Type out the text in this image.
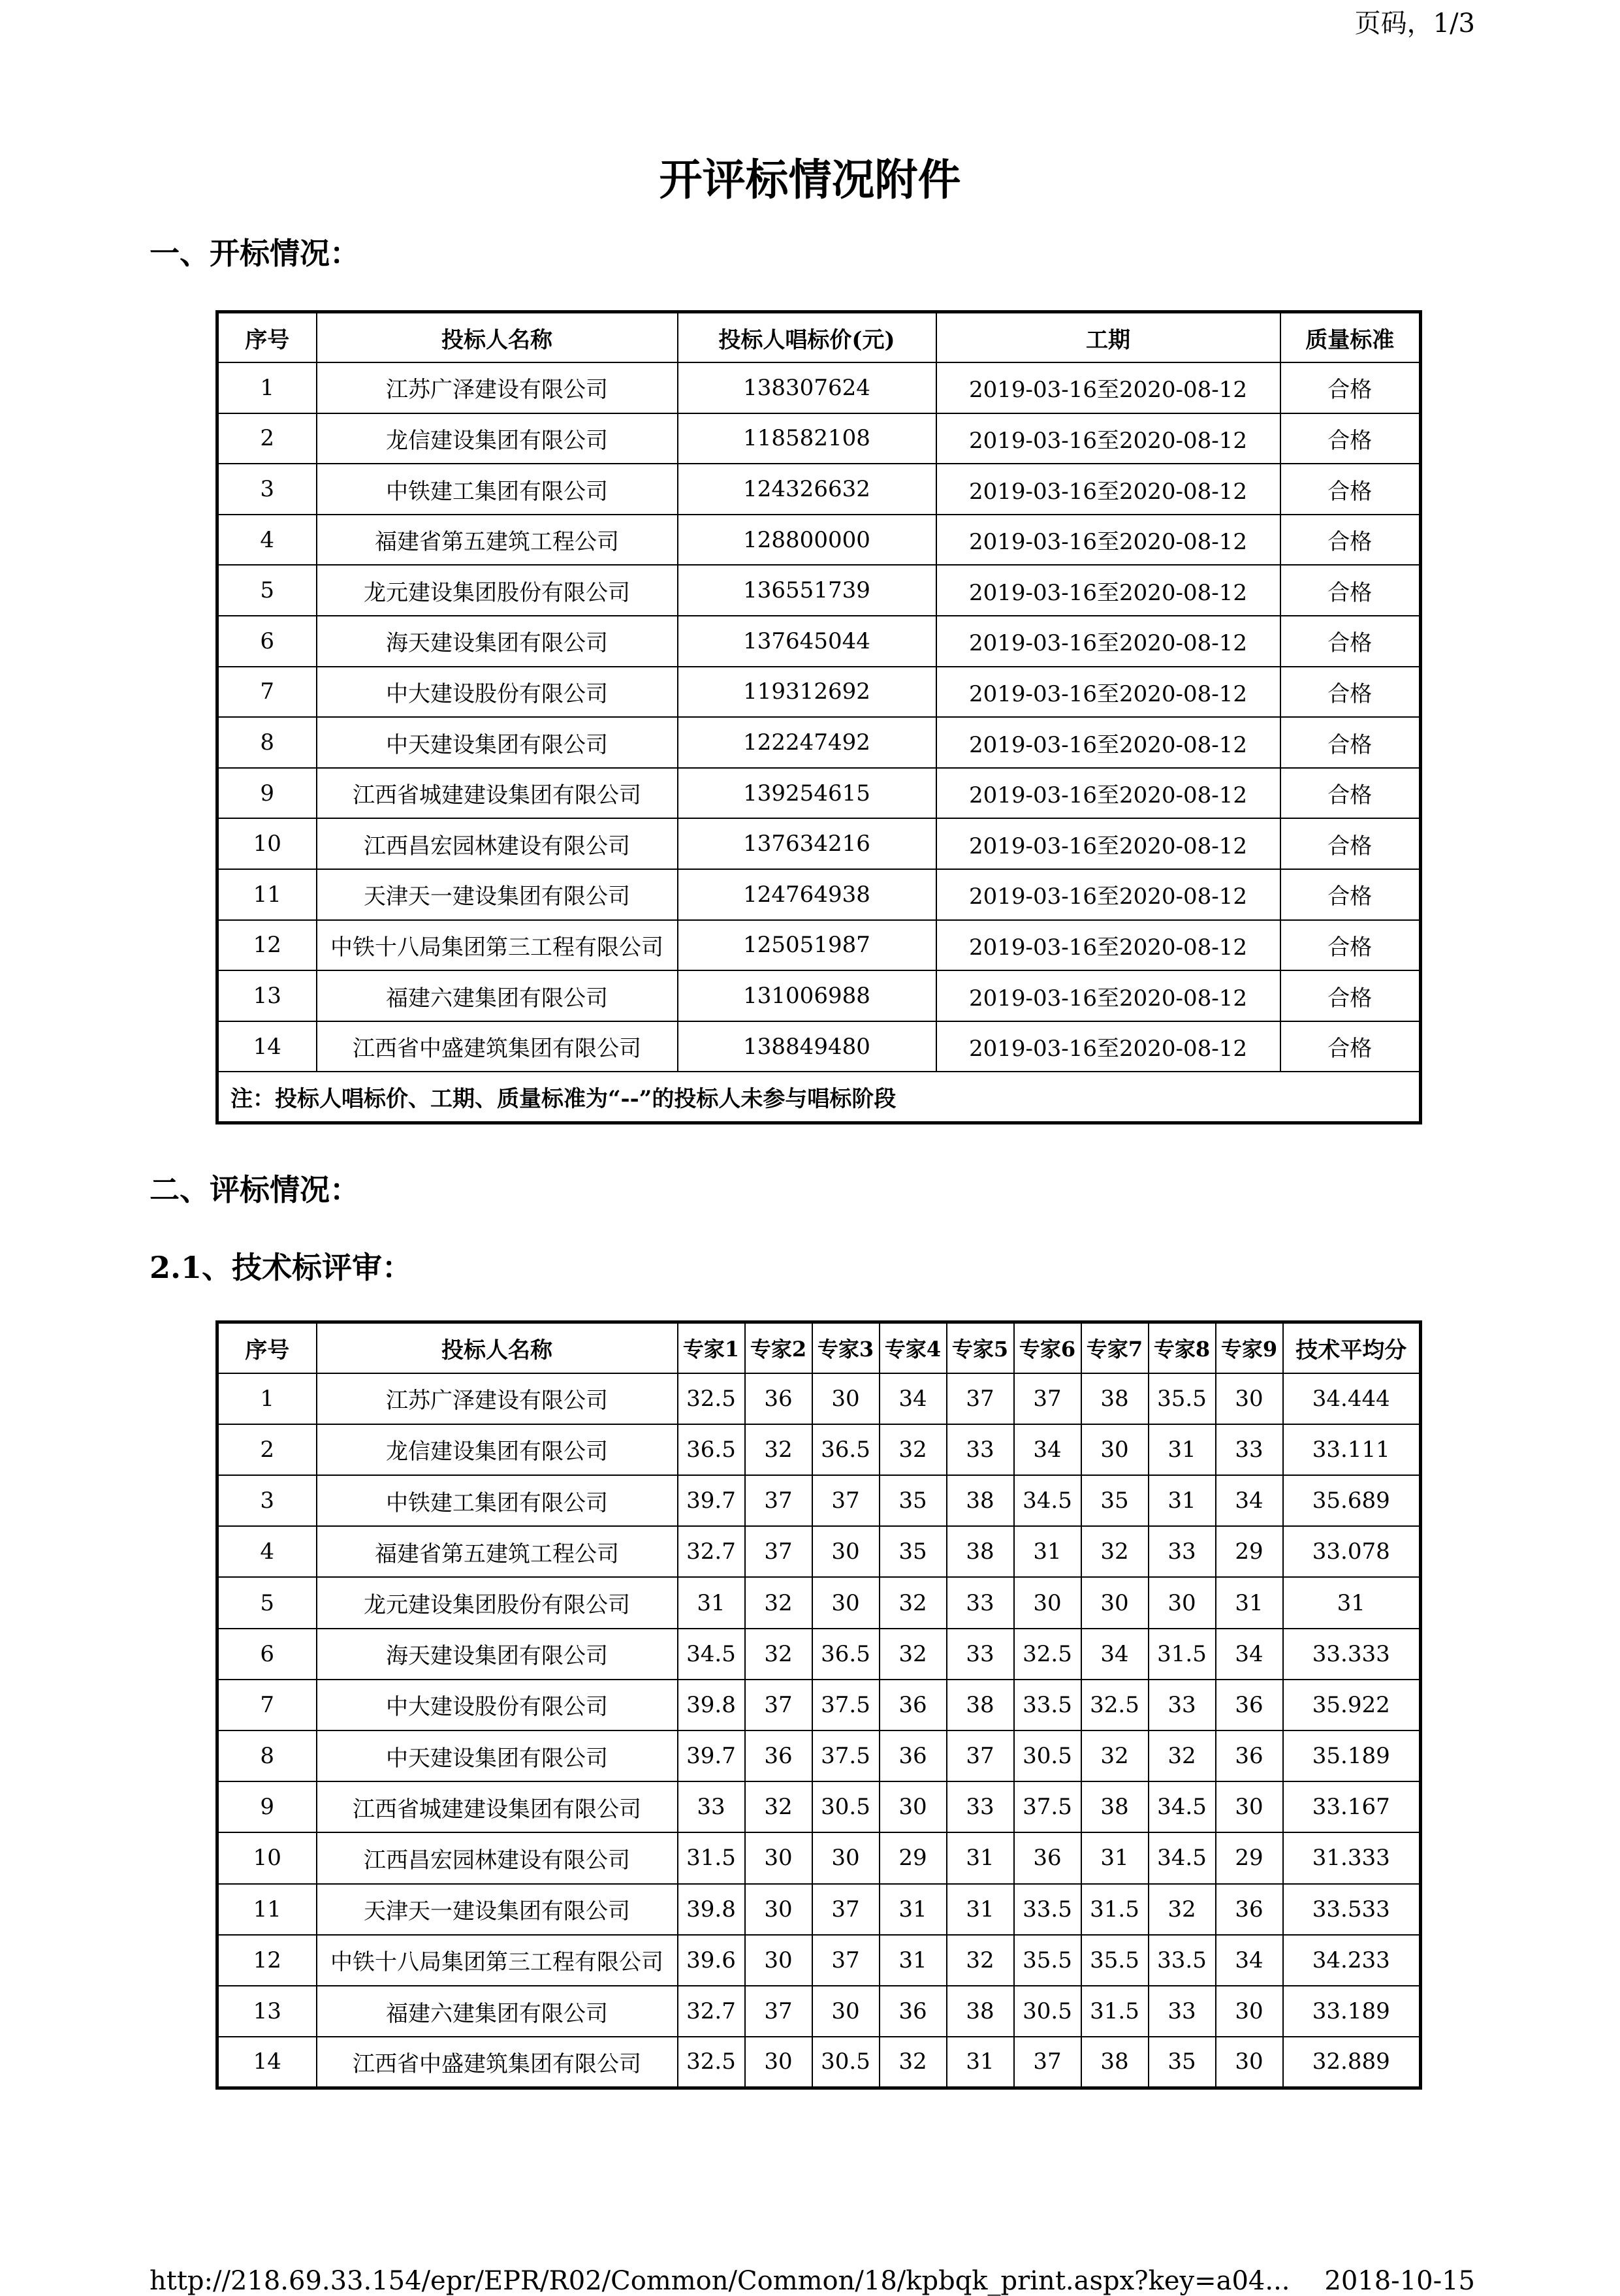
页码，1/3
开评标情况附件
一、开标情况：
序号	投标人名称	投标人唱标价(元)	工期	质量标准
1	江苏广泽建设有限公司	138307624	2019-03-16至2020-08-12	合格
2	龙信建设集团有限公司	118582108	2019-03-16至2020-08-12	合格
3	中铁建工集团有限公司	124326632	2019-03-16至2020-08-12	合格
4	福建省第五建筑工程公司	128800000	2019-03-16至2020-08-12	合格
5	龙元建设集团股份有限公司	136551739	2019-03-16至2020-08-12	合格
6	海天建设集团有限公司	137645044	2019-03-16至2020-08-12	合格
7	中大建设股份有限公司	119312692	2019-03-16至2020-08-12	合格
8	中天建设集团有限公司	122247492	2019-03-16至2020-08-12	合格
9	江西省城建建设集团有限公司	139254615	2019-03-16至2020-08-12	合格
10	江西昌宏园林建设有限公司	137634216	2019-03-16至2020-08-12	合格
11	天津天一建设集团有限公司	124764938	2019-03-16至2020-08-12	合格
12	中铁十八局集团第三工程有限公司	125051987	2019-03-16至2020-08-12	合格
13	福建六建集团有限公司	131006988	2019-03-16至2020-08-12	合格
14	江西省中盛建筑集团有限公司	138849480	2019-03-16至2020-08-12	合格
注：投标人唱标价、工期、质量标准为“--”的投标人未参与唱标阶段				
二、评标情况：
2.1、技术标评审：
序号	投标人名称	专家1	专家2	专家3	专家4	专家5	专家6	专家7	专家8	专家9	技术平均分
1	江苏广泽建设有限公司	32.5	36	30	34	37	37	38	35.5	30	34.444
2	龙信建设集团有限公司	36.5	32	36.5	32	33	34	30	31	33	33.111
3	中铁建工集团有限公司	39.7	37	37	35	38	34.5	35	31	34	35.689
4	福建省第五建筑工程公司	32.7	37	30	35	38	31	32	33	29	33.078
5	龙元建设集团股份有限公司	31	32	30	32	33	30	30	30	31	31
6	海天建设集团有限公司	34.5	32	36.5	32	33	32.5	34	31.5	34	33.333
7	中大建设股份有限公司	39.8	37	37.5	36	38	33.5	32.5	33	36	35.922
8	中天建设集团有限公司	39.7	36	37.5	36	37	30.5	32	32	36	35.189
9	江西省城建建设集团有限公司	33	32	30.5	30	33	37.5	38	34.5	30	33.167
10	江西昌宏园林建设有限公司	31.5	30	30	29	31	36	31	34.5	29	31.333
11	天津天一建设集团有限公司	39.8	30	37	31	31	33.5	31.5	32	36	33.533
12	中铁十八局集团第三工程有限公司	39.6	30	37	31	32	35.5	35.5	33.5	34	34.233
13	福建六建集团有限公司	32.7	37	30	36	38	30.5	31.5	33	30	33.189
14	江西省中盛建筑集团有限公司	32.5	30	30.5	32	31	37	38	35	30	32.889
http://218.69.33.154/epr/EPR/R02/Common/Common/18/kpbqk_print.aspx?key=a04... 2018-10-15
